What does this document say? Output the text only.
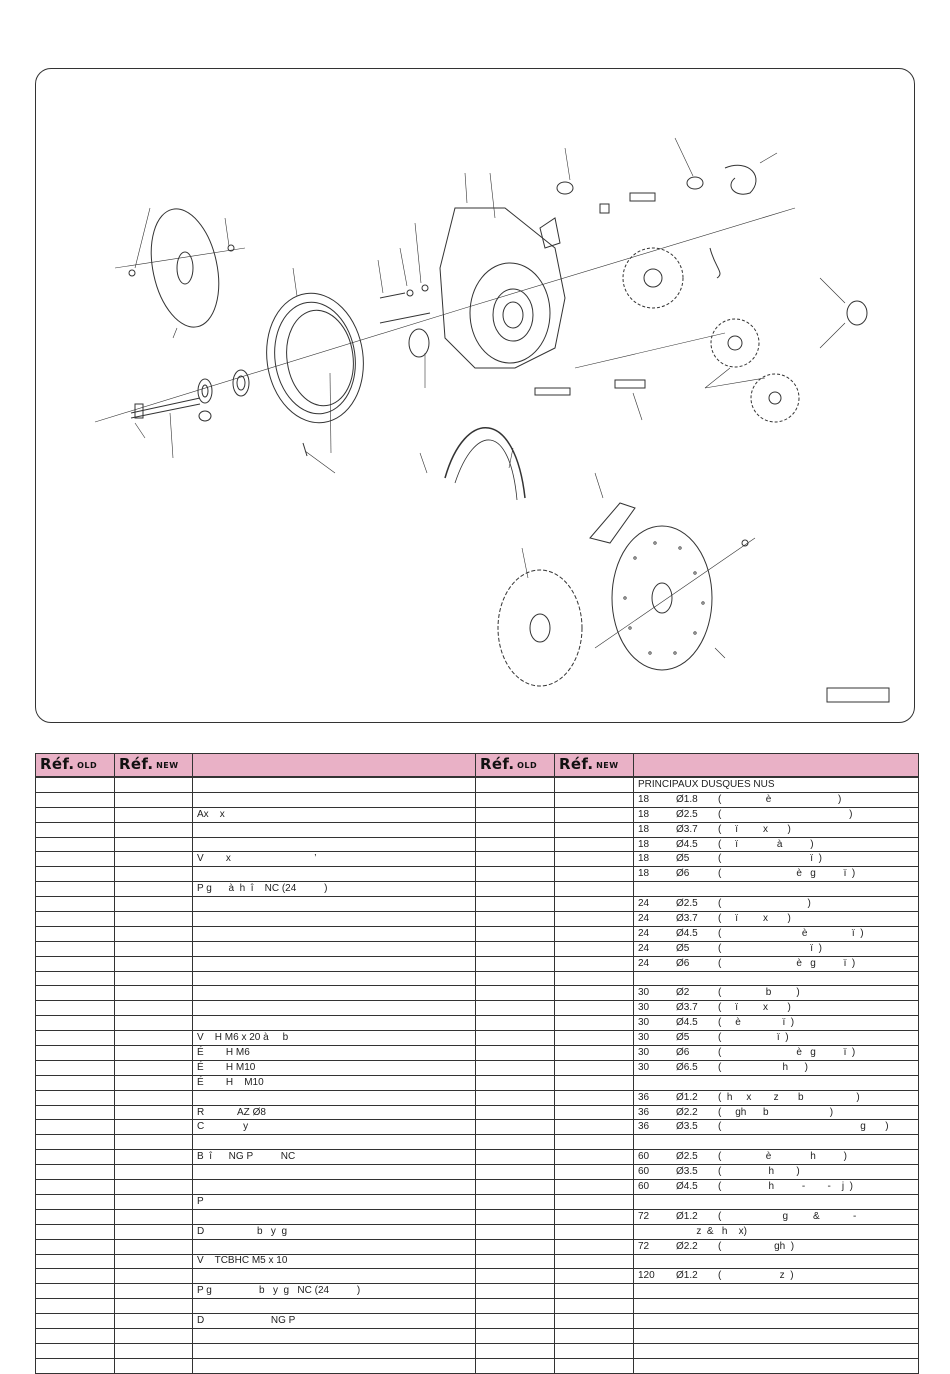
Réf. OLD	Réf. NEW		Réf. OLD	Réf. NEW	
					PRINCIPAUX DUSQUES NUS
					18 Ø1.8 (                è                        )
		Ax    x			18 Ø2.5 (                                              )
					18 Ø3.7 (     ï         x       )
					18 Ø4.5 (     ï              à          )
		V        x                              ’			18 Ø5 (                                ï  )
					18 Ø6 (                           è   g          ï  )
		P g      à  h  î    NC (24          )			
					24 Ø2.5 (                               )
					24 Ø3.7 (     ï         x       )
					24 Ø4.5 (                             è                ï  )
					24 Ø5 (                                ï  )
					24 Ø6 (                           è   g          ï  )

					30 Ø2 (                b         )
					30 Ø3.7 (     ï         x       )
					30 Ø4.5 (     è               ï  )
		V    H M6 x 20 à     b			30 Ø5 (                    ï  )
		É        H M6			30 Ø6 (                           è   g          ï  )
		É        H M10			30 Ø6.5 (                      h      )
		É        H    M10			
					36 Ø1.2 (  h     x        z       b                   )
		R            AZ Ø8			36 Ø2.2 (     gh      b                      )
		C              y			36 Ø3.5 (                                                  g       )

		B  î      NG P          NC			60 Ø2.5 (                è              h          )
					60 Ø3.5 (                 h        )
					60 Ø4.5 (                 h          -        -    j  )
		P			
					72 Ø1.2 (                      g         &            -
		D                   b   y  g			z  &   h    x)
					72 Ø2.2 (                   gh  )
		V    TCBHC M5 x 10			
					120 Ø1.2 (                     z  )
		P g                 b   y  g   NC (24          )			

		D                        NG P			
